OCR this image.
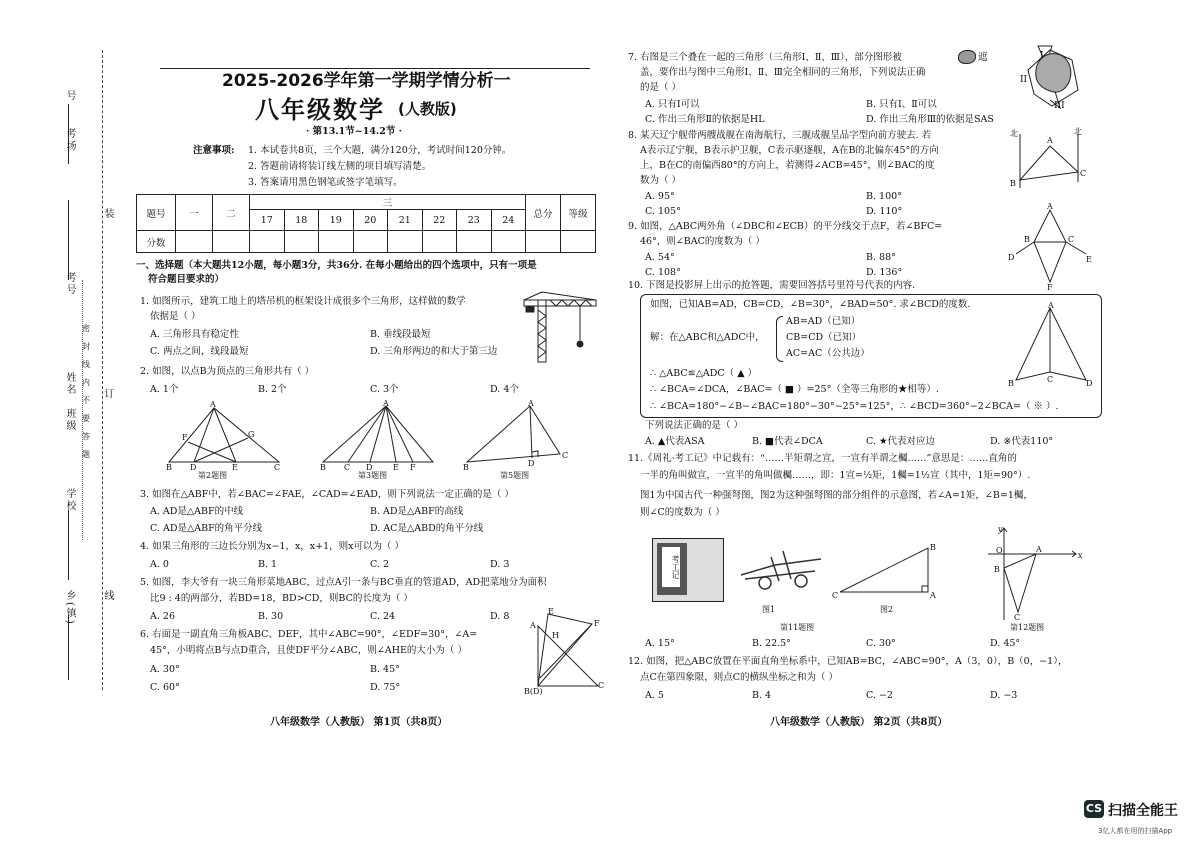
号
考场
姓名
考号
班级
学校
乡(镇)
装
订
线
密
封
线
内
不
要
答
题
2025-2026学年第一学期学情分析一
八年级数学 (人教版)
· 第13.1节~14.2节 ·
注意事项: 1. 本试卷共8页，三个大题，满分120分，考试时间120分钟。
2. 答题前请将装订线左侧的项目填写清楚。
3. 答案请用黑色钢笔或签字笔填写。
题号	一	二	三								总分	等级
			17	18	19	20	21	22	23	24		
分数												
一、选择题（本大题共12小题，每小题3分，共36分. 在每小题给出的四个选项中，只有一项是
符合题目要求的）
1. 如图所示，建筑工地上的塔吊机的框架设计成很多个三角形，这样做的数学
依据是（ ）
A. 三角形具有稳定性	B. 垂线段最短
C. 两点之间，线段最短	D. 三角形两边的和大于第三边
2. 如图，以点B为顶点的三角形共有（ ）
A. 1个	B. 2个	C. 3个	D. 4个
A
F	G
B D	E	C
第2题图
A
B C D	E F
第3题图
A
B	D
C
第5题图
3. 如图在△ABF中，若∠BAC=∠FAE，∠CAD=∠EAD，则下列说法一定正确的是（ ）
A. AD是△ABF的中线	B. AD是△ABF的高线
C. AD是△ABF的角平分线	D. AC是△ABD的角平分线
4. 如果三角形的三边长分别为x−1，x，x+1，则x可以为（ ）
A. 0	B. 1	C. 2	D. 3
5. 如图，李大爷有一块三角形菜地ABC，过点A引一条与BC垂直的管道AD，AD把菜地分为面积
比9 : 4的两部分，若BD=18，BD>CD，则BC的长度为（ ）
A. 26	B. 30	C. 24	D. 8
6. 右面是一副直角三角板ABC、DEF，其中∠ABC=90°，∠EDF=30°，∠A=
45°，小明将点B与点D重合，且使DF平分∠ABC，则∠AHE的大小为（ ）
A. 30°	B. 45°
C. 60°	D. 75°
E
A	F
H
B(D)
C
八年级数学（人教版） 第1页（共8页）
7. 右图是三个叠在一起的三角形（三角形Ⅰ、Ⅱ、Ⅲ），部分图形被	遮
盖，要作出与图中三角形Ⅰ、Ⅱ、Ⅲ完全相同的三角形，下列说法正确
的是（ ）
A. 只有Ⅰ可以	B. 只有Ⅰ、Ⅱ可以
C. 作出三角形Ⅱ的依据是HL	D. 作出三角形Ⅲ的依据是SAS
I
II
III
8. 某天辽宁舰带两艘战舰在南海航行，三舰成舰呈品字型向前方驶去. 若
A表示辽宁舰，B表示护卫舰，C表示驱逐舰，A在B的北偏东45°的方向
上，B在C的南偏西80°的方向上，若测得∠ACB=45°，则∠BAC的度
数为（ ）
A. 95°	B. 100°
C. 105°	D. 110°
北	北
A
B
C
9. 如图，△ABC两外角（∠DBC和∠ECB）的平分线交于点F，若∠BFC=
46°，则∠BAC的度数为（ ）
A. 54°	B. 88°
C. 108°	D. 136°
A
B	C
D	E
F
10. 下图是投影屏上出示的抢答题，需要回答括号里符号代表的内容.
如图，已知AB=AD，CB=CD，∠B=30°，∠BAD=50°. 求∠BCD的度数.
解：在△ABC和△ADC中，
AB=AD（已知）
CB=CD（已知）
AC=AC（公共边）
∴ △ABC≌△ADC（ ▲ ）
∴ ∠BCA=∠DCA，∠BAC=（ ■ ）=25°（全等三角形的★相等）.
∴ ∠BCA=180°−∠B−∠BAC=180°−30°−25°=125°，∴ ∠BCD=360°−2∠BCA=（ ※ ）.
A
B	C	D
下列说法正确的是（ ）
A. ▲代表ASA	B. ■代表∠DCA	C. ★代表对应边	D. ※代表110°
11.《周礼·考工记》中记载有：“……半矩谓之宣，一宣有半谓之欘……”意思是：……直角的
一半的角叫做宣，一宣半的角叫做欘……，即：1宣=½矩，1欘=1½宣（其中，1矩=90°）.
图1为中国古代一种强弩图，图2为这种强弩图的部分组件的示意图，若∠A=1矩，∠B=1欘，
则∠C的度数为（ ）
考工记
图1
C
B
A
图2
第11题图
y
x
O	A
B
C
第12题图
A. 15°	B. 22.5°	C. 30°	D. 45°
12. 如图，把△ABC放置在平面直角坐标系中，已知AB=BC，∠ABC=90°，A（3，0），B（0，−1），
点C在第四象限，则点C的横纵坐标之和为（ ）
A. 5	B. 4	C. −2	D. −3
八年级数学（人教版） 第2页（共8页）
CS 扫描全能王
3亿人都在用的扫描App
